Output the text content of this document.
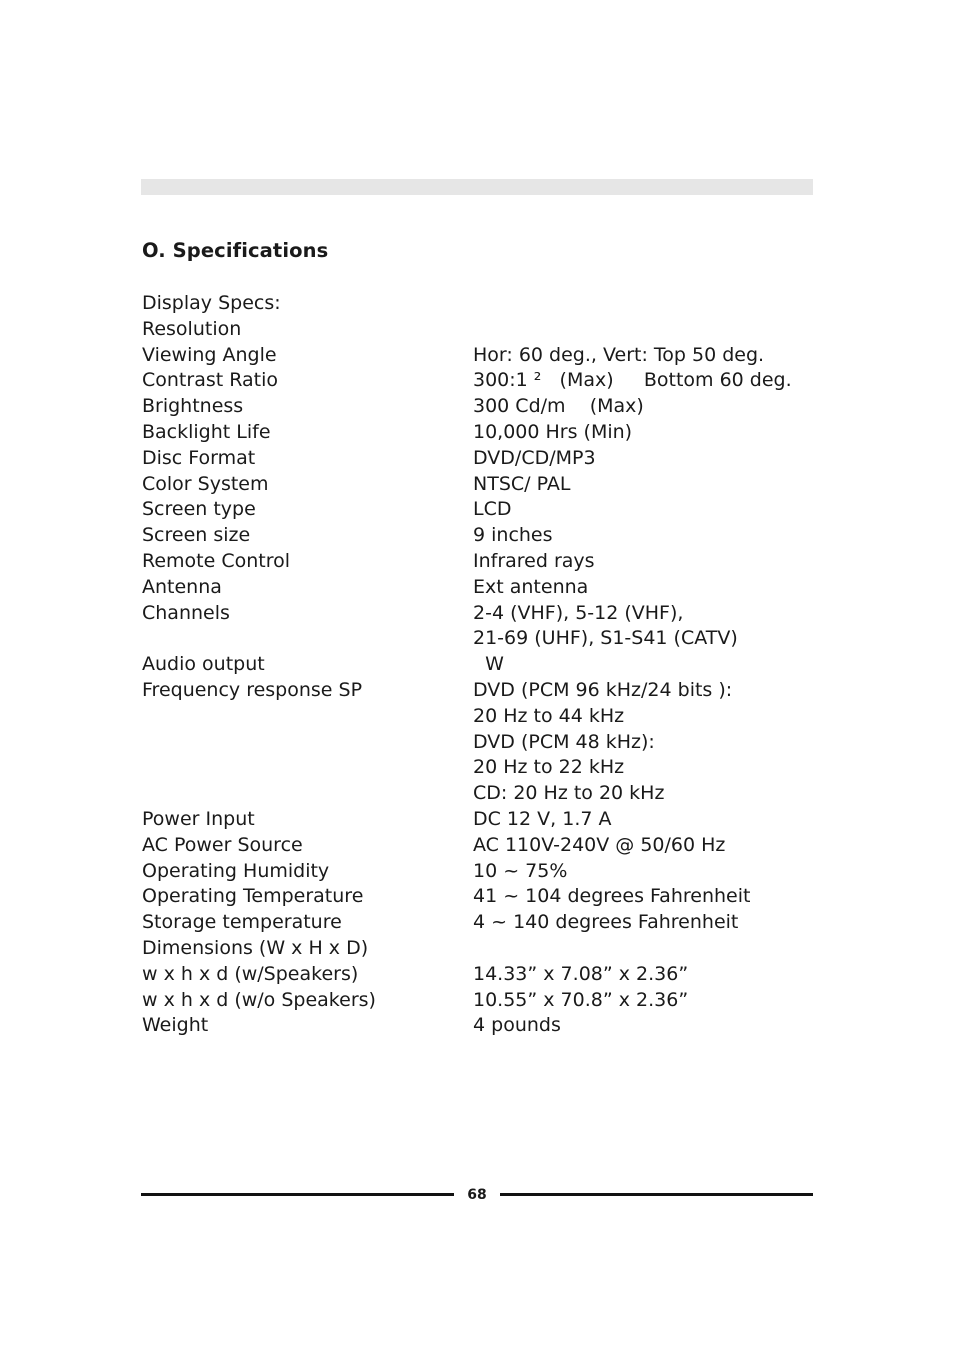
O. Specifications
Display Specs:
Resolution
Viewing Angle	Hor: 60 deg., Vert: Top 50 deg.
Contrast Ratio	300:1 ²   (Max)     Bottom 60 deg.
Brightness	300 Cd/m    (Max)
Backlight Life	10,000 Hrs (Min)
Disc Format	DVD/CD/MP3
Color System	NTSC/ PAL
Screen type	LCD
Screen size	9 inches
Remote Control	Infrared rays
Antenna	Ext antenna
Channels	2-4 (VHF), 5-12 (VHF),
21-69 (UHF), S1-S41 (CATV)
Audio output	W
Frequency response SP	DVD (PCM 96 kHz/24 bits ):
20 Hz to 44 kHz
DVD (PCM 48 kHz):
20 Hz to 22 kHz
CD: 20 Hz to 20 kHz
Power Input	DC 12 V, 1.7 A
AC Power Source	AC 110V-240V @ 50/60 Hz
Operating Humidity	10 ~ 75%
Operating Temperature	41 ~ 104 degrees Fahrenheit
Storage temperature	4 ~ 140 degrees Fahrenheit
Dimensions (W x H x D)
w x h x d (w/Speakers)	14.33” x 7.08” x 2.36”
w x h x d (w/o Speakers)	10.55” x 70.8” x 2.36”
Weight	4 pounds
68
